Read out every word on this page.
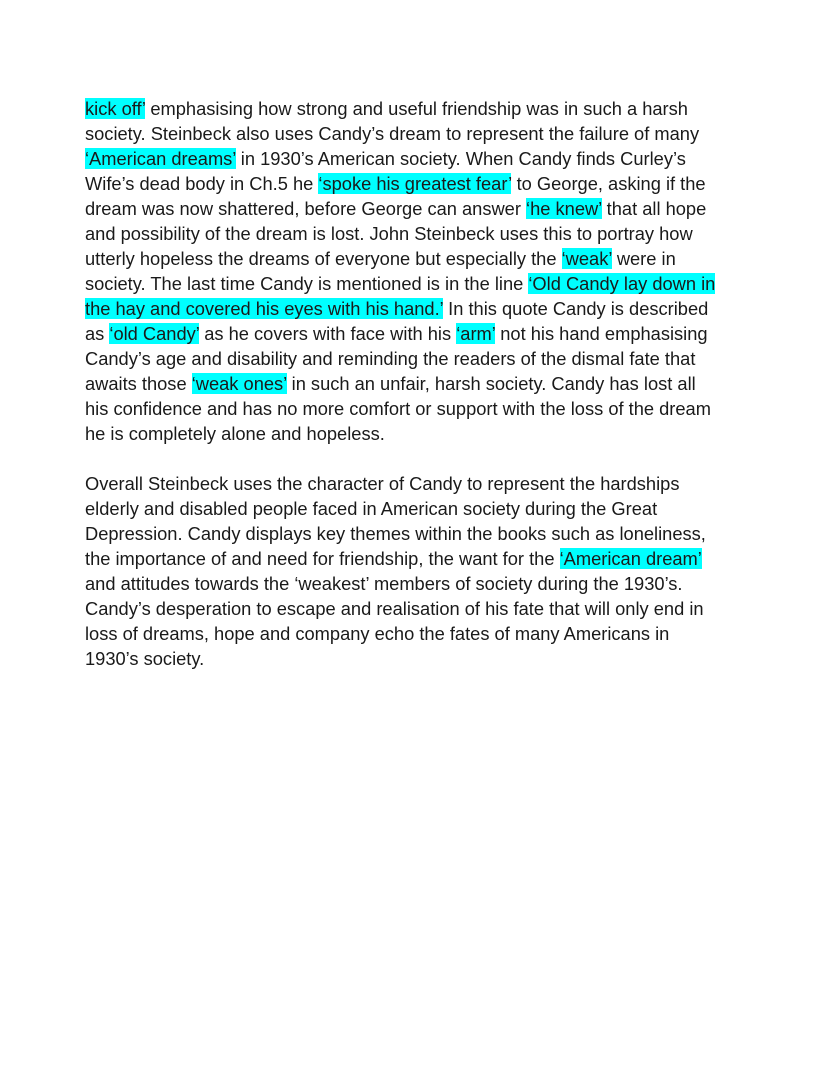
kick off’ emphasising how strong and useful friendship was in such a harsh
society. Steinbeck also uses Candy’s dream to represent the failure of many
‘American dreams’ in 1930’s American society. When Candy finds Curley’s
Wife’s dead body in Ch.5 he ‘spoke his greatest fear’ to George, asking if the
dream was now shattered, before George can answer ‘he knew’ that all hope
and possibility of the dream is lost. John Steinbeck uses this to portray how
utterly hopeless the dreams of everyone but especially the ‘weak’ were in
society. The last time Candy is mentioned is in the line ‘Old Candy lay down in
the hay and covered his eyes with his hand.’ In this quote Candy is described
as ‘old Candy’ as he covers with face with his ‘arm’ not his hand emphasising
Candy’s age and disability and reminding the readers of the dismal fate that
awaits those ‘weak ones’ in such an unfair, harsh society. Candy has lost all
his confidence and has no more comfort or support with the loss of the dream
he is completely alone and hopeless.
Overall Steinbeck uses the character of Candy to represent the hardships
elderly and disabled people faced in American society during the Great
Depression. Candy displays key themes within the books such as loneliness,
the importance of and need for friendship, the want for the ‘American dream’
and attitudes towards the ‘weakest’ members of society during the 1930’s.
Candy’s desperation to escape and realisation of his fate that will only end in
loss of dreams, hope and company echo the fates of many Americans in
1930’s society.
